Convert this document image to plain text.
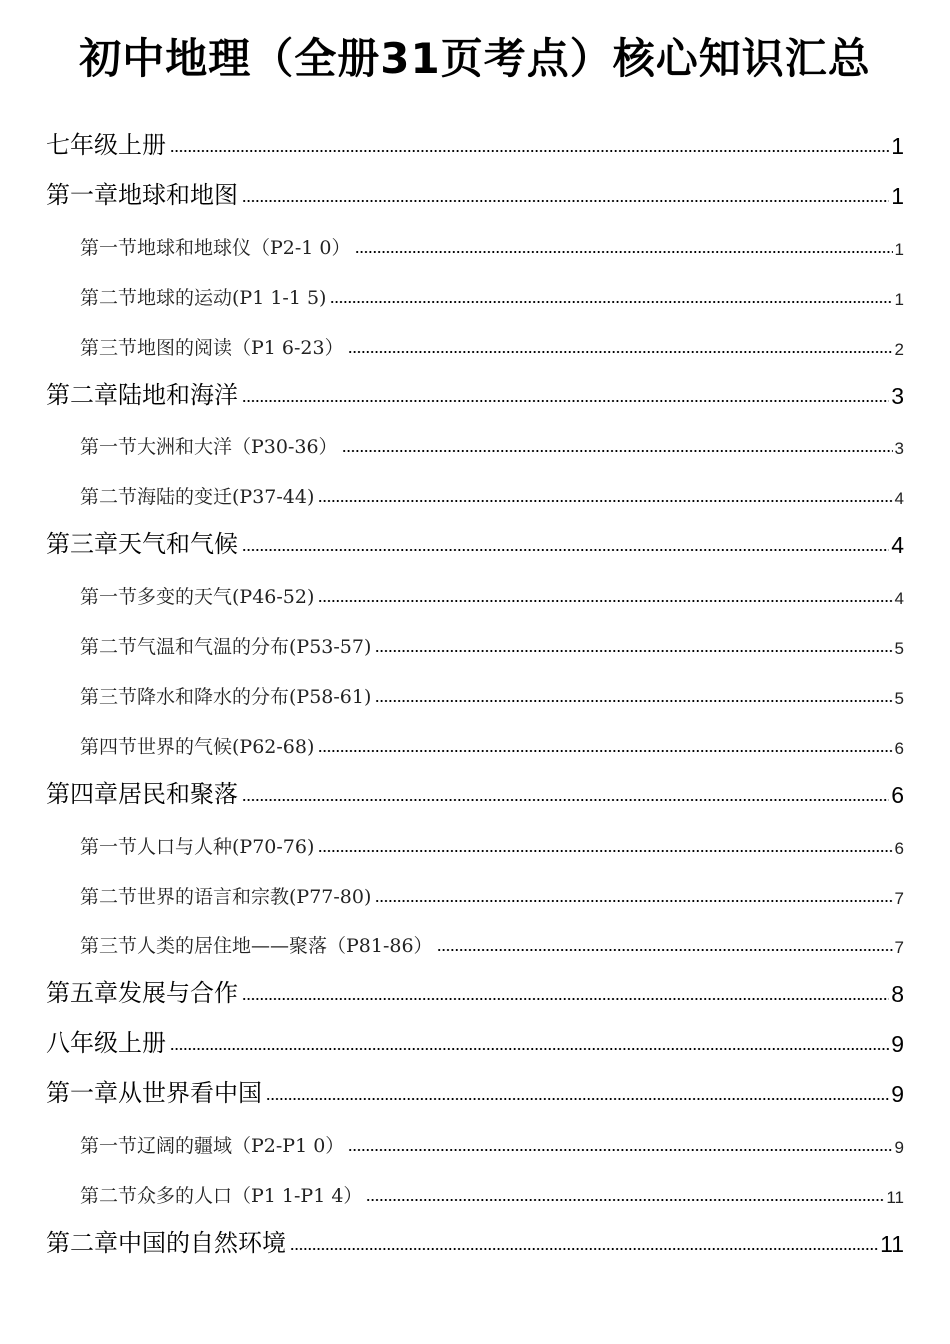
初中地理（全册31页考点）核心知识汇总
七年级上册	1
第一章地球和地图	1
第一节地球和地球仪（P2-1 0）	1
第二节地球的运动(P1 1-1 5)	1
第三节地图的阅读（P1 6-23）	2
第二章陆地和海洋	3
第一节大洲和大洋（P30-36）	3
第二节海陆的变迁(P37-44)	4
第三章天气和气候	4
第一节多变的天气(P46-52)	4
第二节气温和气温的分布(P53-57)	5
第三节降水和降水的分布(P58-61)	5
第四节世界的气候(P62-68)	6
第四章居民和聚落	6
第一节人口与人种(P70-76)	6
第二节世界的语言和宗教(P77-80)	7
第三节人类的居住地——聚落（P81-86）	7
第五章发展与合作	8
八年级上册	9
第一章从世界看中国	9
第一节辽阔的疆域（P2-P1 0）	9
第二节众多的人口（P1 1-P1 4）	11
第二章中国的自然环境	11
